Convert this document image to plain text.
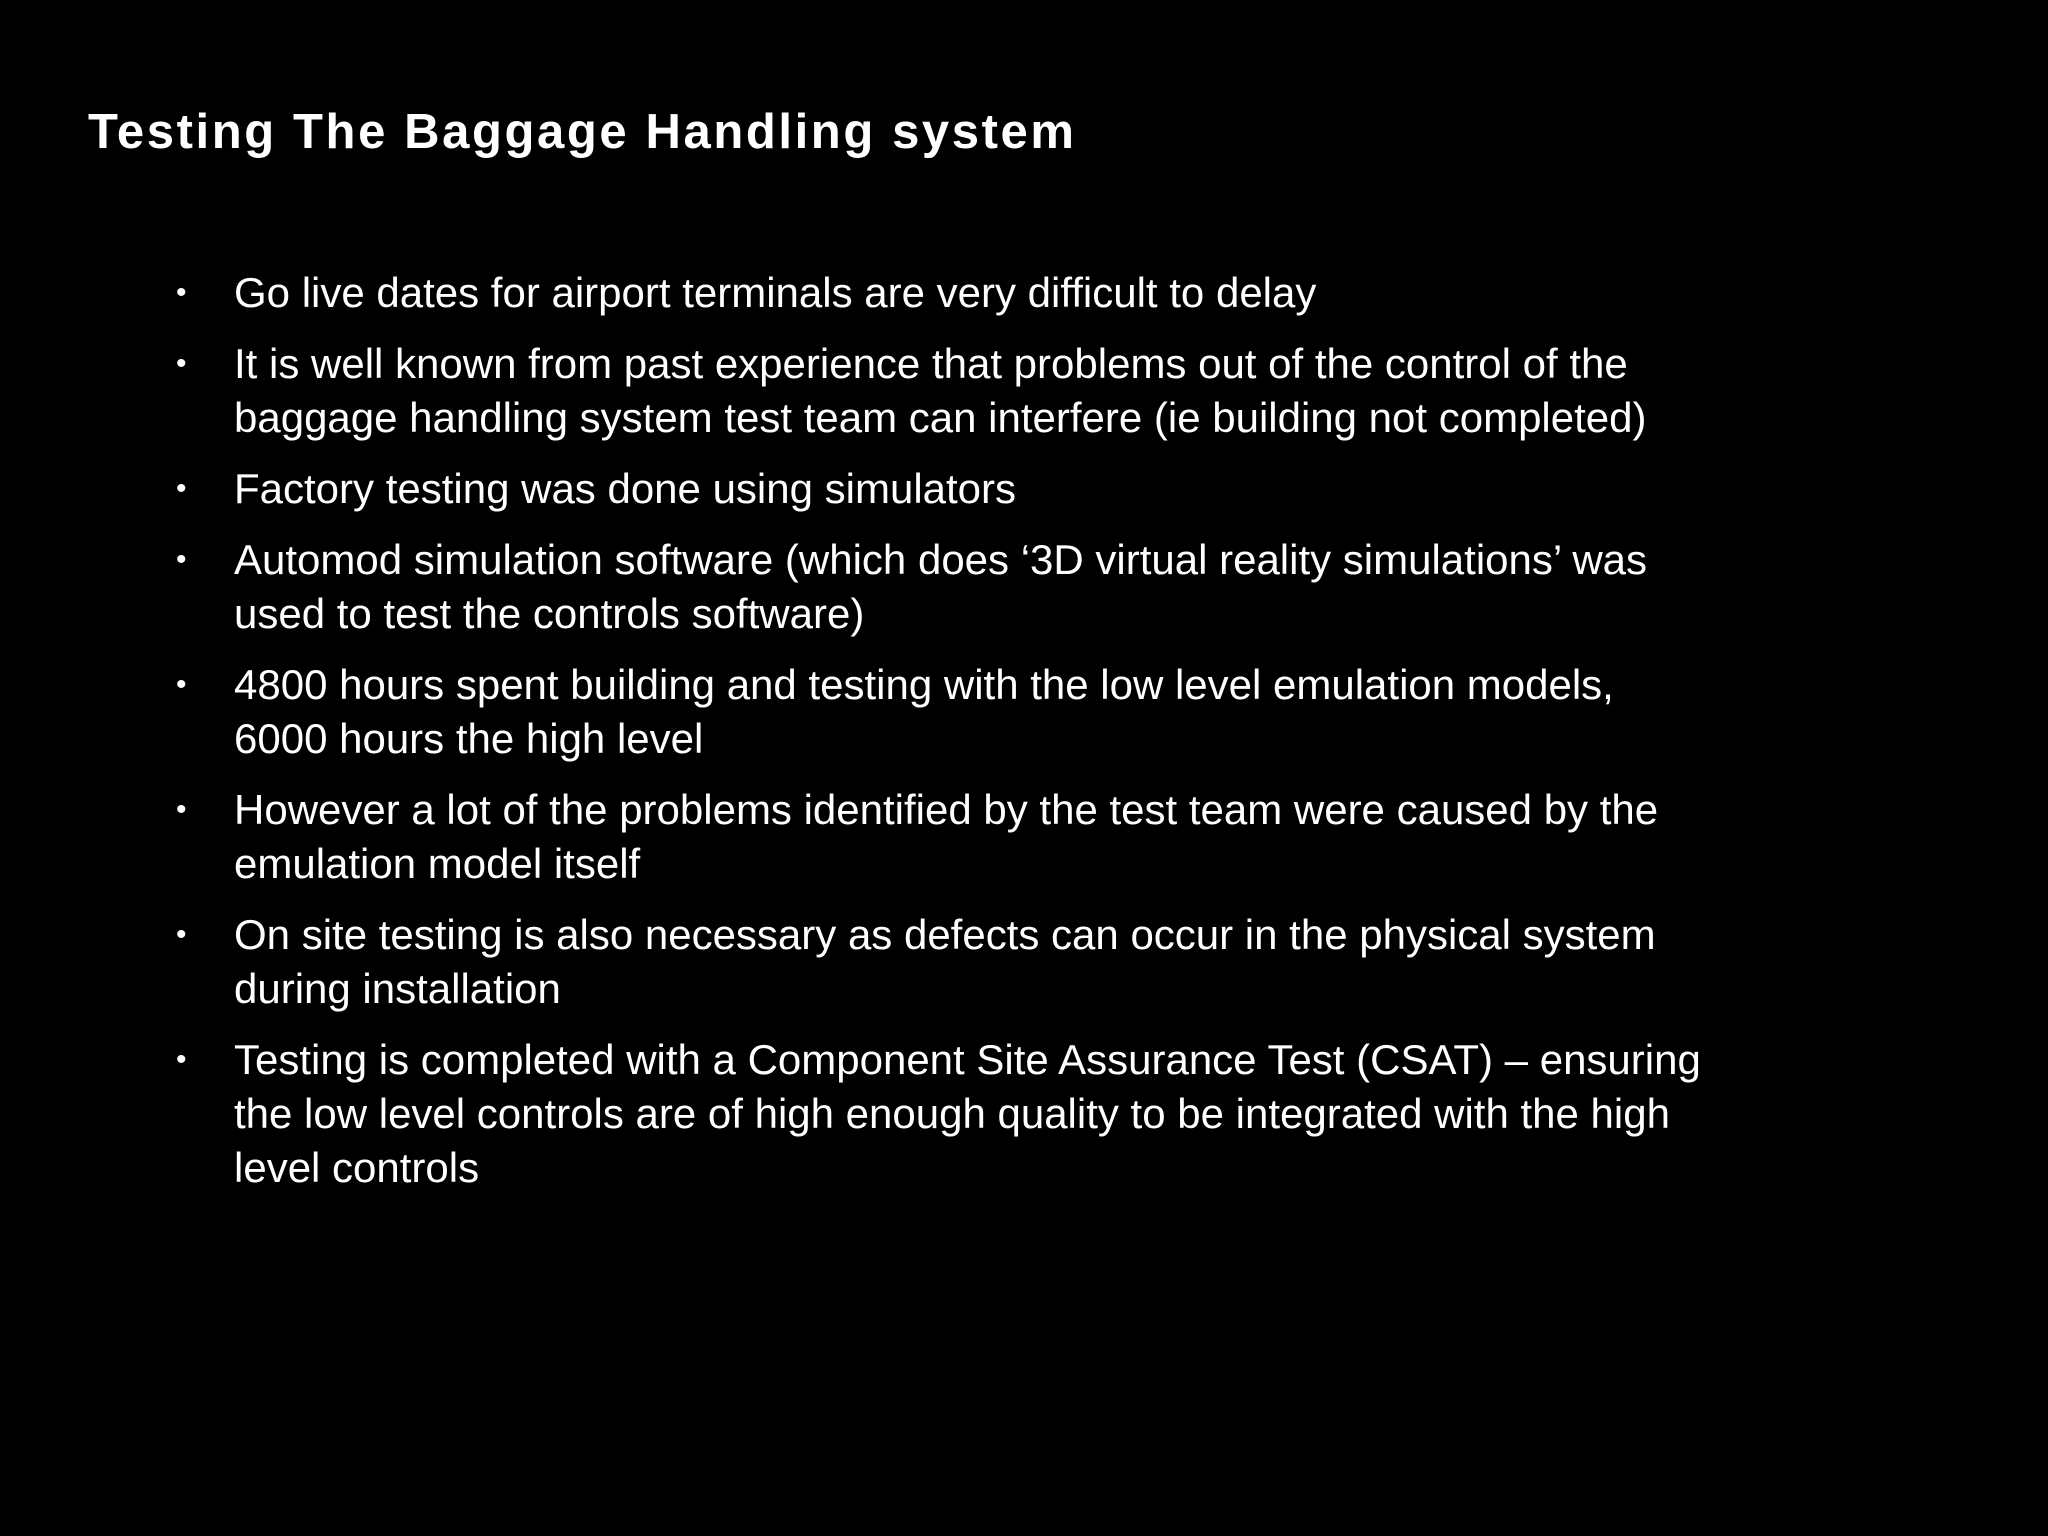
Testing The Baggage Handling system
• Go live dates for airport terminals are very difficult to delay
• It is well known from past experience that problems out of the control of the
baggage handling system test team can interfere (ie building not completed)
• Factory testing was done using simulators
• Automod simulation software (which does ‘3D virtual reality simulations’ was
used to test the controls software)
• 4800 hours spent building and testing with the low level emulation models,
6000 hours the high level
• However a lot of the problems identified by the test team were caused by the
emulation model itself
• On site testing is also necessary as defects can occur in the physical system
during installation
• Testing is completed with a Component Site Assurance Test (CSAT) – ensuring
the low level controls are of high enough quality to be integrated with the high
level controls
